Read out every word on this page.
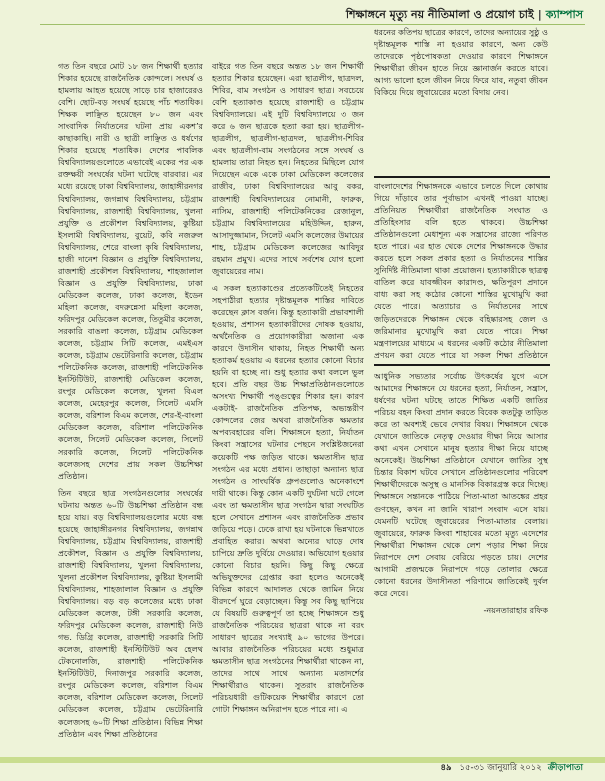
শিক্ষাঙ্গনে মৃত্যু নয় নীতিমালা ও প্রয়োগ চাই | ক্যাম্পাস

গত তিন বছরে মোট ১৮ জন শিক্ষার্থী হত্যার শিকার হয়েছে রাজনৈতিক কোন্দলে। সংঘর্ষ ও হামলায় আহত হয়েছে সাড়ে চার হাজারেরও বেশি। ছোট-বড় সংঘর্ষ হয়েছে পাঁচ শতাধিক। শিক্ষক লাঞ্ছিত হয়েছেন ৮০ জন এবং সাংবাদিক নির্যাতনের ঘটনা প্রায় একশ’র কাছাকাছি। নারী ও ছাত্রী লাঞ্ছিত ও ধর্ষণের শিকার হয়েছে শতাধিক। দেশের পাবলিক বিশ্ববিদ্যালয়গুলোতে এভাবেই একের পর এক রক্তক্ষয়ী সংঘর্ষের ঘটনা ঘটেছে বারবার। এর মধ্যে রয়েছে ঢাকা বিশ্ববিদ্যালয়, জাহাঙ্গীরনগর বিশ্ববিদ্যালয়, জগন্নাথ বিশ্ববিদ্যালয়, চট্টগ্রাম বিশ্ববিদ্যালয়, রাজশাহী বিশ্ববিদ্যালয়, খুলনা প্রযুক্তি ও প্রকৌশল বিশ্ববিদ্যালয়, কুষ্টিয়া ইসলামী বিশ্ববিদ্যালয়, বুয়েট, কবি নজরুল বিশ্ববিদ্যালয়, শেরে বাংলা কৃষি বিশ্ববিদ্যালয়, হাজী দানেশ বিজ্ঞান ও প্রযুক্তি বিশ্ববিদ্যালয়, রাজশাহী প্রকৌশল বিশ্ববিদ্যালয়, শাহজালাল বিজ্ঞান ও প্রযুক্তি বিশ্ববিদ্যালয়, ঢাকা মেডিকেল কলেজ, ঢাকা কলেজ, ইডেন মহিলা কলেজ, বদরুন্নেসা মহিলা কলেজ, ফরিদপুর মেডিকেল কলেজ, তিতুমীর কলেজ, সরকারি বাঙলা কলেজ, চট্টগ্রাম মেডিকেল কলেজ, চট্টগ্রাম সিটি কলেজ, এমইএস কলেজ, চট্টগ্রাম ভেটেরিনারি কলেজ, চট্টগ্রাম পলিটেকনিক কলেজ, রাজশাহী পলিটেকনিক ইনস্টিটিউট, রাজশাহী মেডিকেল কলেজ, রংপুর মেডিকেল কলেজ, খুলনা বিএল কলেজ, মেহেরপুর কলেজ, সিলেট এমসি কলেজ, বরিশাল বিএম কলেজ, শের-ই-বাংলা মেডিকেল কলেজ, বরিশাল পলিটেকনিক কলেজ, সিলেট মেডিকেল কলেজ, সিলেট সরকারি কলেজ, সিলেট পলিটেকনিক কলেজসহ দেশের প্রায় সকল উচ্চশিক্ষা প্রতিষ্ঠান।

তিন বছরে ছাত্র সংগঠনগুলোর সংঘর্ষের ঘটনায় অন্তত ৬০টি উচ্চশিক্ষা প্রতিষ্ঠান বন্ধ হয়ে যায়। বড় বিশ্ববিদ্যালয়গুলোর মধ্যে বন্ধ হয়েছে জাহাঙ্গীরনগর বিশ্ববিদ্যালয়, জগন্নাথ বিশ্ববিদ্যালয়, চট্টগ্রাম বিশ্ববিদ্যালয়, রাজশাহী প্রকৌশল, বিজ্ঞান ও প্রযুক্তি বিশ্ববিদ্যালয়, রাজশাহী বিশ্ববিদ্যালয়, খুলনা বিশ্ববিদ্যালয়, খুলনা প্রকৌশল বিশ্ববিদ্যালয়, কুষ্টিয়া ইসলামী বিশ্ববিদ্যালয়, শাহজালাল বিজ্ঞান ও প্রযুক্তি বিশ্ববিদ্যালয়। বড় বড় কলেজের মধ্যে ঢাকা মেডিকেল কলেজ, টঙ্গী সরকারি কলেজ, ফরিদপুর মেডিকেল কলেজ, রাজশাহী নিউ গভ. ডিগ্রি কলেজ, রাজশাহী সরকারি সিটি কলেজ, রাজশাহী ইনস্টিটিউট অব হেলথ টেকনোলজি, রাজশাহী পলিটেকনিক ইনস্টিটিউট, দিনাজপুর সরকারি কলেজ, রংপুর মেডিকেল কলেজ, বরিশাল বিএম কলেজ, বরিশাল মেডিকেল কলেজ, সিলেট মেডিকেল কলেজ, চট্টগ্রাম ভেটেরিনারি কলেজসহ ৬০টি শিক্ষা প্রতিষ্ঠান। বিভিন্ন শিক্ষা প্রতিষ্ঠান এবং শিক্ষা প্রতিষ্ঠানের

বাইরে গত তিন বছরে অন্তত ১৮ জন শিক্ষার্থী হত্যার শিকার হয়েছেন। এরা ছাত্রলীগ, ছাত্রদল, শিবির, বাম সংগঠন ও সাধারণ ছাত্র। সবচেয়ে বেশি হত্যাকাণ্ড হয়েছে রাজশাহী ও চট্টগ্রাম বিশ্ববিদ্যালয়ে। এই দুটি বিশ্ববিদ্যালয়ে ৩ জন করে ৬ জন ছাত্রকে হত্যা করা হয়। ছাত্রলীগ-ছাত্রলীগ, ছাত্রলীগ-ছাত্রদল, ছাত্রলীগ-শিবির এবং ছাত্রলীগ-বাম সংগঠনের সঙ্গে সংঘর্ষ ও হামলায় তারা নিহত হন। নিহতের মিছিলে যোগ দিয়েছেন একে একে ঢাকা মেডিকেল কলেজের রাজীব, ঢাকা বিশ্ববিদ্যালয়ের আবু বকর, রাজশাহী বিশ্ববিদ্যালয়ের নোমানী, ফারুক, নাসিম, রাজশাহী পলিটেকনিকের রেজানুল, চট্টগ্রাম বিশ্ববিদ্যালয়ের মহিউদ্দিন, হারুন, আসাদুজ্জামান, সিলেট এমসি কলেজের উমায়ের শাহ, চট্টগ্রাম মেডিকেল কলেজের আবিদুর রহমান প্রমুখ। এদের সাথে সর্বশেষ যোগ হলো জুবায়েরের নাম।

এ সকল হত্যাকাণ্ডের প্রত্যেকটিতেই নিহতের সহপাঠীরা হত্যার দৃষ্টান্তমূলক শাস্তির দাবিতে করেছেন ক্লাস বর্জন। কিন্তু হত্যাকারী প্রভাবশালী হওয়ায়, প্রশাসন হত্যাকারীদের দোষক হওয়ায়, অর্থনৈতিক ও প্রয়োগকারীরা অজানা এক কারণে উদাসীন থাকায়, নিহত শিক্ষার্থী অন্য হত্যাকর্ম হওয়ায় এ ধরনের হত্যার কোনো বিচার হয়নি বা হচ্ছে না। শুধু হত্যার কথা বললে ভুল হবে। প্রতি বছর উচ্চ শিক্ষাপ্রতিষ্ঠানগুলোতে অসংখ্য শিক্ষার্থী পঙ্গুত্বের শিকার হন। কারণ একটাই- রাজনৈতিক প্রতিপক্ষ, অভ্যন্তরীণ কোন্দলের জের অথবা রাজনৈতিক ক্ষমতার অপব্যবহারের বলি। শিক্ষাঙ্গনে হত্যা, নির্যাতন কিংবা সন্ত্রাসের ঘটনার পেছনে সংশ্লিষ্টজনেরা কয়েকটি পক্ষ জড়িত থাকে। ক্ষমতাসীন ছাত্র সংগঠন এর মধ্যে প্রধান। তাছাড়া অন্যান্য ছাত্র সংগঠন ও সাংঘর্ষিক গ্রুপগুলোও অনেকাংশে দায়ী থাকে। কিন্তু কোন একটি দুর্ঘটনা ঘটে গেলে এবং তা ক্ষমতাসীন ছাত্র সংগঠন দ্বারা সংঘটিত হলে সেখানে প্রশাসন এবং রাজনৈতিক প্রভাব জড়িয়ে পড়ে। ঢেকে রাখা হয় ঘটনাকে ভিন্নখাতে প্রবাহিত করার। অথবা অন্যের ঘাড়ে দোষ চাপিয়ে দ্রুতি দুর্বিয়ে দেওয়ার। অভিযোগ হওয়ার কোনো বিচার হয়নি। কিছু কিছু ক্ষেত্রে অভিযুক্তদের গ্রেপ্তার করা হলেও অনেকেই বিভিন্ন কারণে আদালত থেকে জামিন নিয়ে বীরদর্পে ঘুরে বেড়াচ্ছেন। কিন্তু সব কিছু ছাপিয়ে যে বিষয়টি গুরুত্বপূর্ণ তা হচ্ছে শিক্ষাঙ্গনে শুধু রাজনৈতিক পরিচয়ের ছাত্ররা থাকে না বরং সাধারণ ছাত্রের সংখ্যাই ৯০ ভাগের উপরে। আবার রাজনৈতিক পরিচয়ের মধ্যে শুধুমাত্র ক্ষমতাসীন ছাত্র সংগঠনের শিক্ষার্থীরা থাকেন না, তাদের সাথে সাথে অন্যান্য মতাদর্শের শিক্ষার্থীরাও থাকেন। সুতরাং রাজনৈতিক পরিচয়ধারী গুটিকয়েক শিক্ষার্থীর কারণে তো গোটা শিক্ষাঙ্গন অনিরাপদ হতে পারে না। এ

ধরনের কতিপয় ছাত্রের কারণে, তাদের অন্যায়ের সুষ্ঠু ও দৃষ্টান্তমূলক শাস্তি না হওয়ার কারণে, অন্য কেউ তাদেরকে পৃষ্ঠপোষকতা দেওয়ার কারণে শিক্ষাঙ্গনে শিক্ষার্থীরা জীবন হাতে নিয়ে জ্ঞানার্জন করতে যাবে। আগ্য ভালো হলে জীবন নিয়ে ফিরে যাব, নতুবা জীবন বিকিয়ে দিয়ে জুবায়েরের মতো বিদায় নেব।

বাংলাদেশের শিক্ষাঙ্গনকে এভাবে চলতে দিলে কোথায় গিয়ে দাঁড়াবে তার পূর্বাভাস এখনই পাওয়া যাচ্ছে। প্রতিনিয়ত শিক্ষার্থীরা রাজনৈতিক সংঘাত ও প্রতিহিংসার বলি হতে থাকবে। উচ্চশিক্ষা প্রতিষ্ঠানগুলো মেধাশূন্য এক সন্ত্রাসের রাজ্যে পরিণত হতে পারে। এর হাত থেকে দেশের শিক্ষাঙ্গনকে উদ্ধার করতে হলে সকল প্রকার হত্যা ও নির্যাতনের শাস্তির সুনির্দিষ্ট নীতিমালা থাকা প্রয়োজন। হত্যাকারীকে ছাত্রত্ব বাতিল করে যাবজ্জীবন কারাদণ্ড, ক্ষতিপূরণ প্রদানে বাধ্য করা সহ কঠোর কোনো শাস্তির মুখোমুখি করা যেতে পারে। অত্যাচার ও নির্যাতনের সাথে জড়িতদেরকে শিক্ষাঙ্গন থেকে বহিষ্কারসহ জেল ও জরিমানার মুখোমুখি করা যেতে পারে। শিক্ষা মন্ত্রণালয়ের মাধ্যমে এ ধরনের একটি কঠোর নীতিমালা প্রণয়ন করা যেতে পারে যা সকল শিক্ষা প্রতিষ্ঠানে

আধুনিক সভ্যতার সর্বোচ্চ উৎকর্ষের যুগে এসে আমাদের শিক্ষাঙ্গনে যে ধরনের হত্যা, নির্যাতন, সন্ত্রাস, ধর্ষণের ঘটনা ঘটছে তাতে শিক্ষিত একটি জাতির পরিচয় বহন কিংবা প্রদান করতে বিবেক কতটুকু তাড়িত করে তা অবশ্যই ভেবে দেখার বিষয়। শিক্ষাঙ্গনে থেকে যেখানে জাতিকে নেতৃত্ব দেওয়ার দীক্ষা নিয়ে আসার কথা এখন সেখানে মানুষ হত্যার দীক্ষা নিয়ে যাচ্ছে অনেকেই। উচ্চশিক্ষা প্রতিষ্ঠানে যেখানে জাতির সুস্থ চিন্তার বিকাশ ঘটবে সেখানে প্রতিষ্ঠানগুলোর পরিবেশ শিক্ষার্থীদেরকে অসুস্থ ও মানসিক বিকারগ্রস্ত করে দিচ্ছে। শিক্ষাঙ্গনে সন্তানকে পাঠিয়ে পিতা-মাতা আতঙ্কের প্রহর গুণছেন, কখন না জানি খারাপ সংবাদ এসে যায়। যেমনটি ঘটেছে জুবায়েরের পিতা-মাতার বেলায়। জুবায়েরে, ফারুক কিংবা শাহাবের মতো মৃত্যু এদেশের শিক্ষার্থীরা শিক্ষাঙ্গন থেকে লেশ পড়ার শিক্ষা নিয়ে নিরাপদে দেশ সেবায় বেরিয়ে পড়তে চায়। দেশের আগামী প্রজন্মকে নিরাপদে গড়ে তোলার ক্ষেত্রে কোনো ধরনের উদাসীনতা পরিণামে জাতিকেই দুর্বল করে দেবে।

-নয়নতারাহার রফিক
৪৯ ১৫-৩১ জানুয়ারি ২০১২ ক্রীড়াপাতা
